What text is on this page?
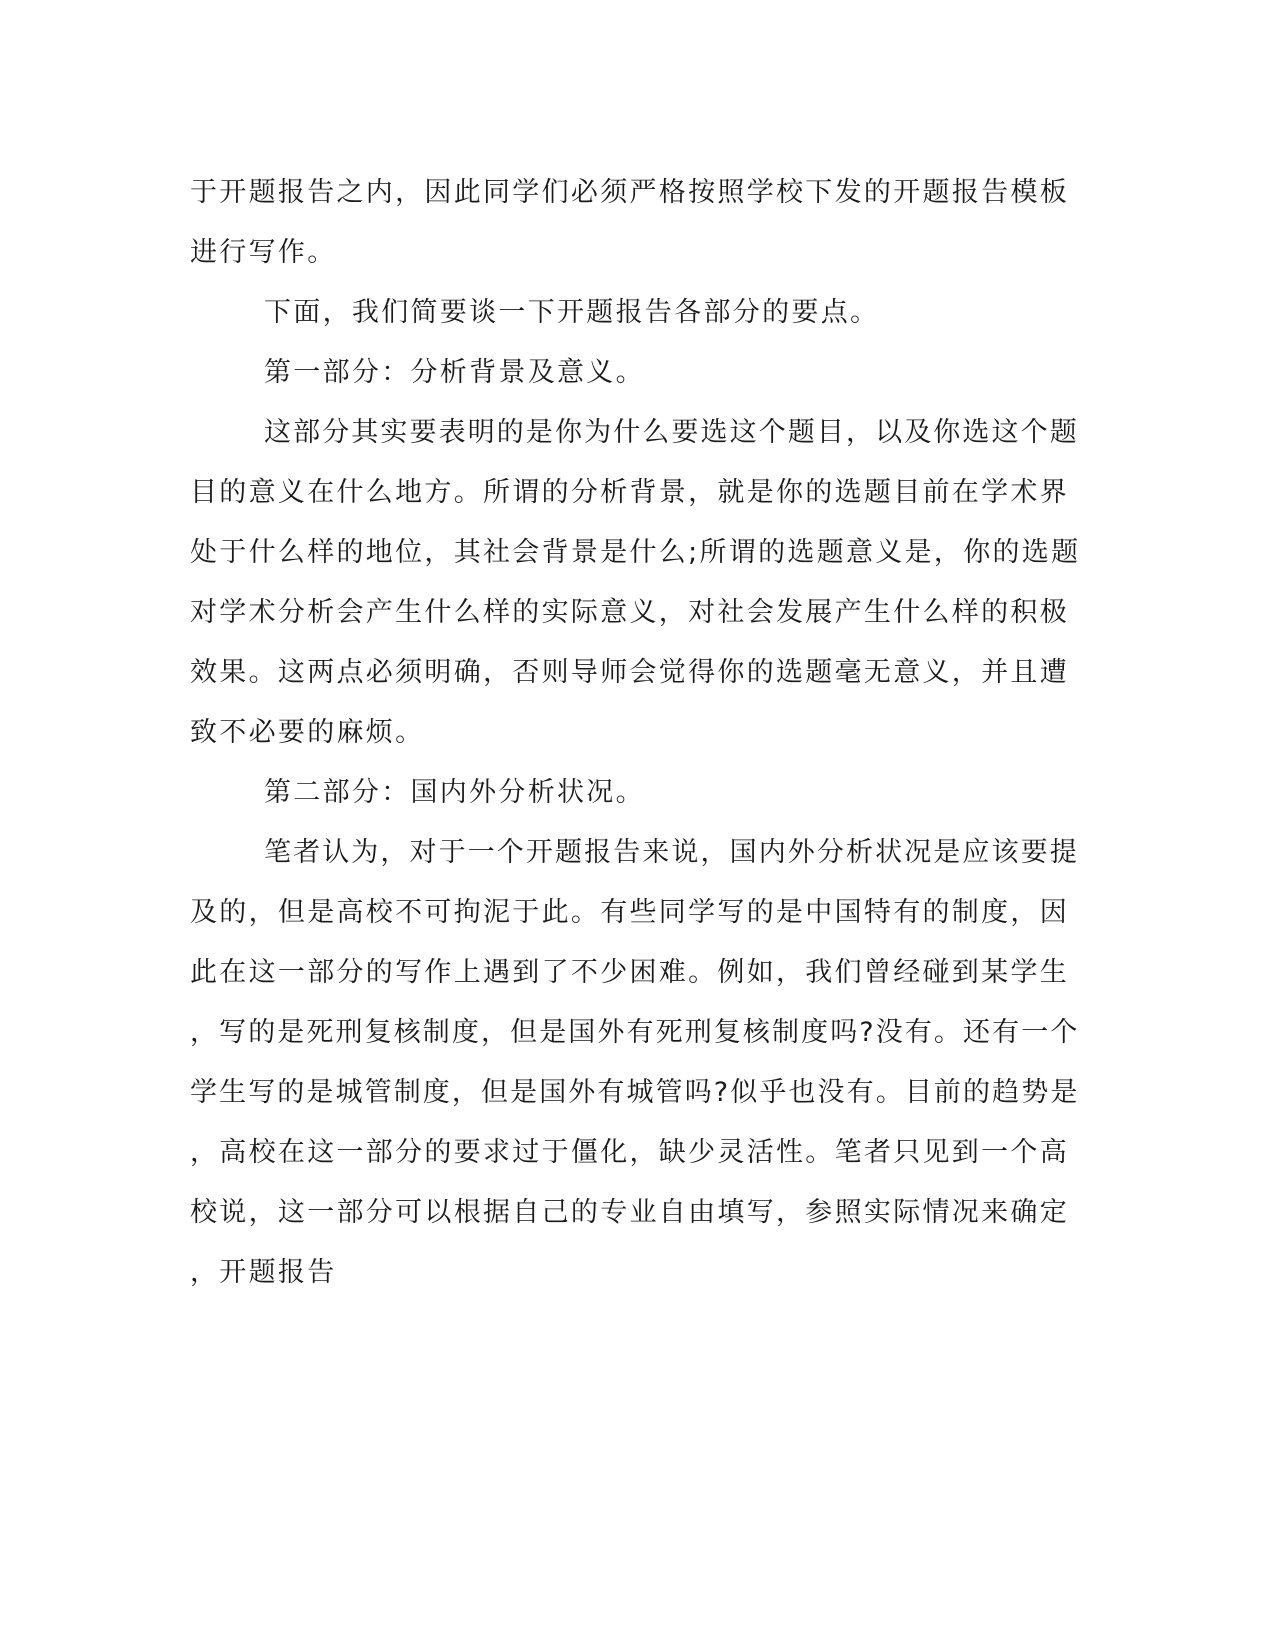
于开题报告之内，因此同学们必须严格按照学校下发的开题报告模板
进行写作。
下面，我们简要谈一下开题报告各部分的要点。
第一部分：分析背景及意义。
这部分其实要表明的是你为什么要选这个题目，以及你选这个题
目的意义在什么地方。所谓的分析背景，就是你的选题目前在学术界
处于什么样的地位，其社会背景是什么;所谓的选题意义是，你的选题
对学术分析会产生什么样的实际意义，对社会发展产生什么样的积极
效果。这两点必须明确，否则导师会觉得你的选题毫无意义，并且遭
致不必要的麻烦。
第二部分：国内外分析状况。
笔者认为，对于一个开题报告来说，国内外分析状况是应该要提
及的，但是高校不可拘泥于此。有些同学写的是中国特有的制度，因
此在这一部分的写作上遇到了不少困难。例如，我们曾经碰到某学生
，写的是死刑复核制度，但是国外有死刑复核制度吗?没有。还有一个
学生写的是城管制度，但是国外有城管吗?似乎也没有。目前的趋势是
，高校在这一部分的要求过于僵化，缺少灵活性。笔者只见到一个高
校说，这一部分可以根据自己的专业自由填写，参照实际情况来确定
，开题报告
